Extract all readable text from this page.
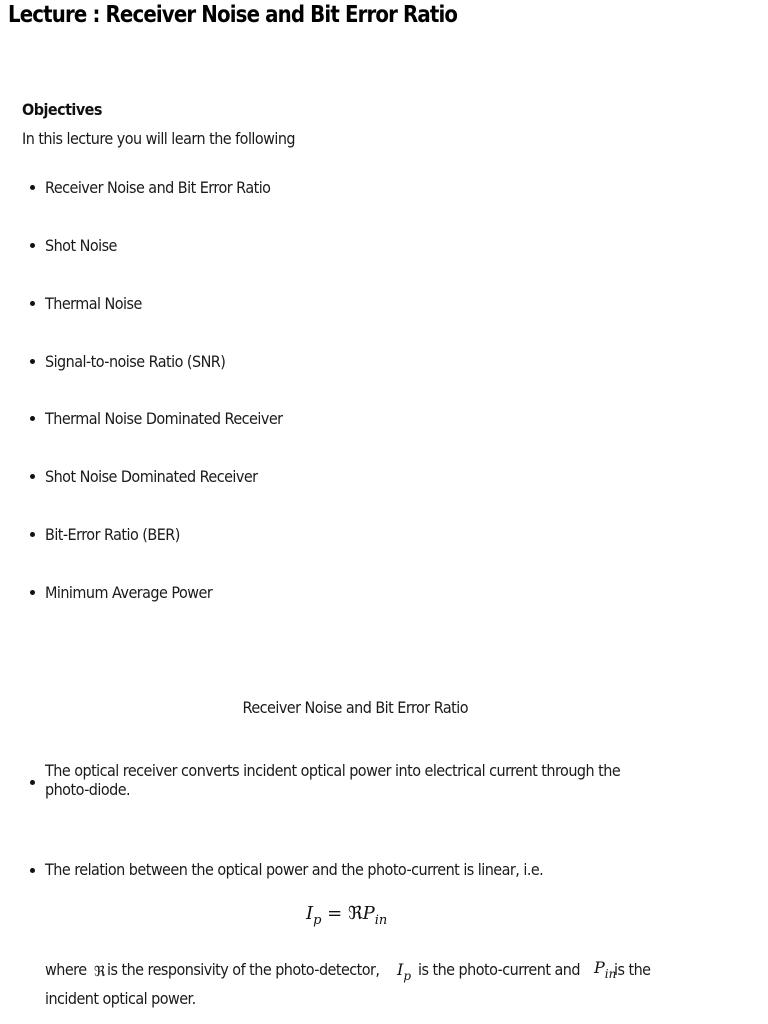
Lecture : Receiver Noise and Bit Error Ratio
Objectives
In this lecture you will learn the following
Receiver Noise and Bit Error Ratio
Shot Noise
Thermal Noise
Signal-to-noise Ratio (SNR)
Thermal Noise Dominated Receiver
Shot Noise Dominated Receiver
Bit-Error Ratio (BER)
Minimum Average Power
Receiver Noise and Bit Error Ratio
The optical receiver converts incident optical power into electrical current through the
photo-diode.
The relation between the optical power and the photo-current is linear, i.e.
$I_p$ = ℜP$_{in}$
where ℜ is the responsivity of the photo-detector, $I_p$ is the photo-current and $P_{in}$
is the
incident optical power.
